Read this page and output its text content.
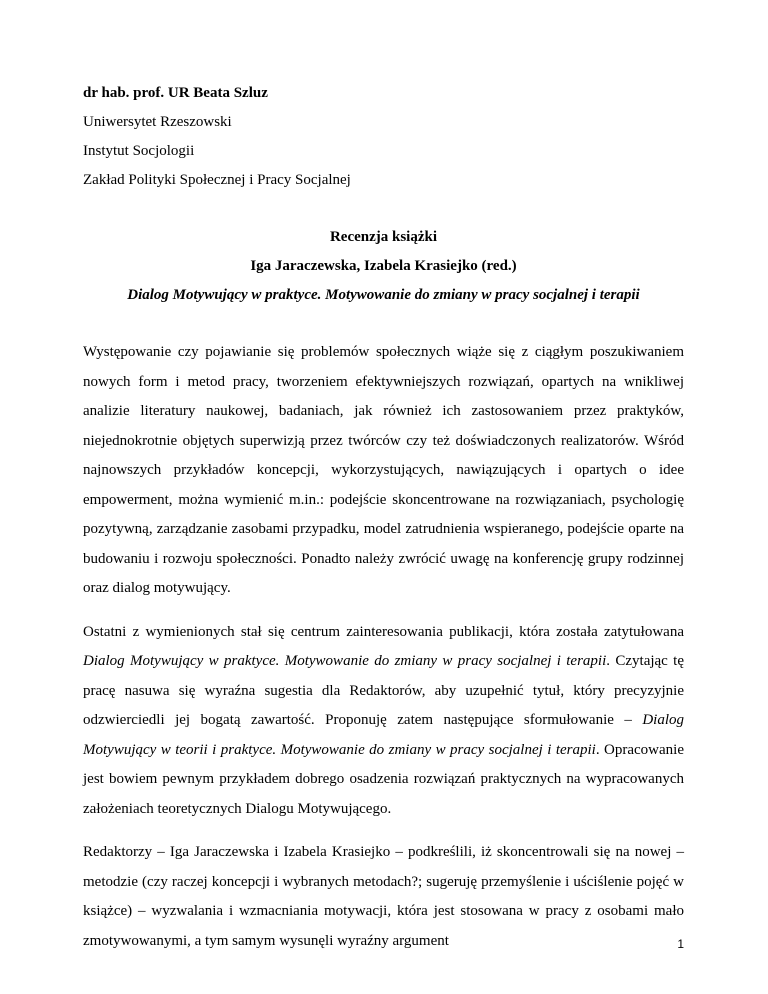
dr hab. prof. UR Beata Szluz
Uniwersytet Rzeszowski
Instytut Socjologii
Zakład Polityki Społecznej i Pracy Socjalnej
Recenzja książki
Iga Jaraczewska, Izabela Krasiejko (red.)
Dialog Motywujący w praktyce. Motywowanie do zmiany w pracy socjalnej i terapii

Występowanie czy pojawianie się problemów społecznych wiąże się z ciągłym poszukiwaniem nowych form i metod pracy, tworzeniem efektywniejszych rozwiązań, opartych na wnikliwej analizie literatury naukowej, badaniach, jak również ich zastosowaniem przez praktyków, niejednokrotnie objętych superwizją przez twórców czy też doświadczonych realizatorów. Wśród najnowszych przykładów koncepcji, wykorzystujących, nawiązujących i opartych o idee empowerment, można wymienić m.in.: podejście skoncentrowane na rozwiązaniach, psychologię pozytywną, zarządzanie zasobami przypadku, model zatrudnienia wspieranego, podejście oparte na budowaniu i rozwoju społeczności. Ponadto należy zwrócić uwagę na konferencję grupy rodzinnej oraz dialog motywujący.

Ostatni z wymienionych stał się centrum zainteresowania publikacji, która została zatytułowana Dialog Motywujący w praktyce. Motywowanie do zmiany w pracy socjalnej i terapii. Czytając tę pracę nasuwa się wyraźna sugestia dla Redaktorów, aby uzupełnić tytuł, który precyzyjnie odzwierciedli jej bogatą zawartość. Proponuję zatem następujące sformułowanie – Dialog Motywujący w teorii i praktyce. Motywowanie do zmiany w pracy socjalnej i terapii. Opracowanie jest bowiem pewnym przykładem dobrego osadzenia rozwiązań praktycznych na wypracowanych założeniach teoretycznych Dialogu Motywującego.

Redaktorzy – Iga Jaraczewska i Izabela Krasiejko – podkreślili, iż skoncentrowali się na nowej – metodzie (czy raczej koncepcji i wybranych metodach?; sugeruję przemyślenie i uściślenie pojęć w książce) – wyzwalania i wzmacniania motywacji, która jest stosowana w pracy z osobami mało zmotywowanymi, a tym samym wysunęli wyraźny argument	1
